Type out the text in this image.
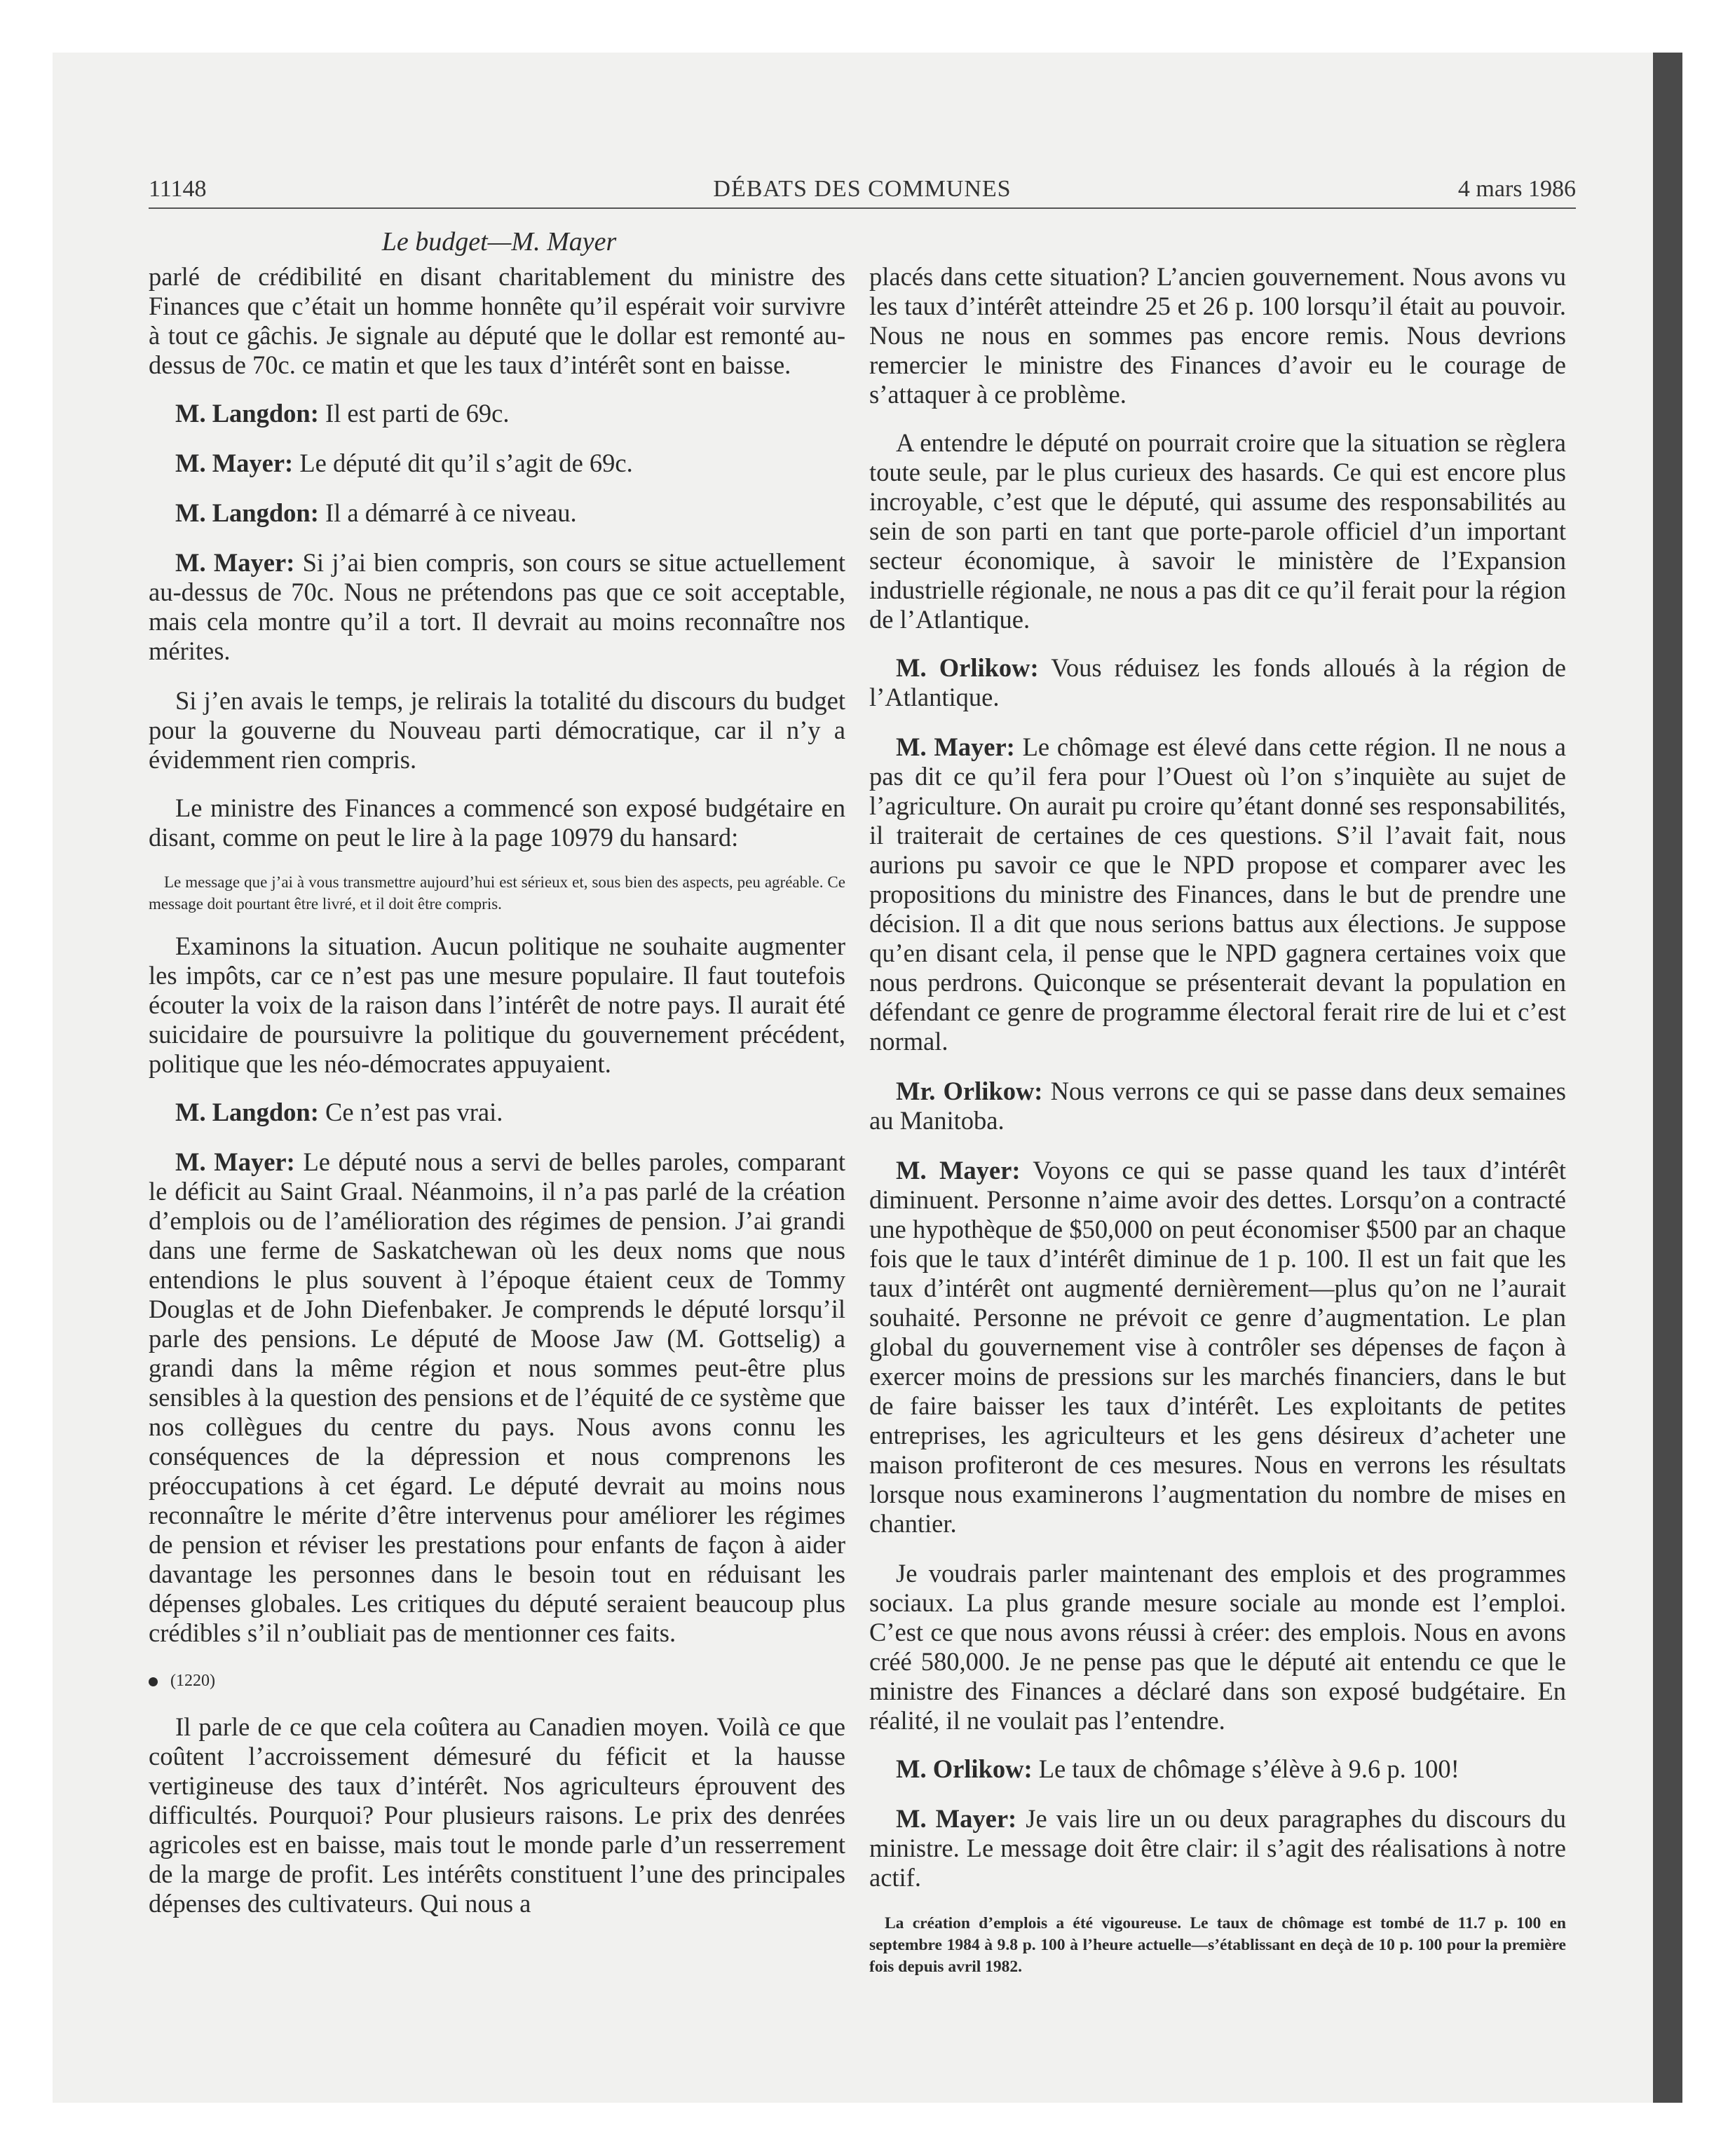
11148	DÉBATS DES COMMUNES	4 mars 1986
Le budget—M. Mayer

parlé de crédibilité en disant charitablement du ministre des Finances que c’était un homme honnête qu’il espérait voir survivre à tout ce gâchis. Je signale au député que le dollar est remonté au-dessus de 70c. ce matin et que les taux d’intérêt sont en baisse.

M. Langdon: Il est parti de 69c.

M. Mayer: Le député dit qu’il s’agit de 69c.

M. Langdon: Il a démarré à ce niveau.

M. Mayer: Si j’ai bien compris, son cours se situe actuellement au-dessus de 70c. Nous ne prétendons pas que ce soit acceptable, mais cela montre qu’il a tort. Il devrait au moins reconnaître nos mérites.

Si j’en avais le temps, je relirais la totalité du discours du budget pour la gouverne du Nouveau parti démocratique, car il n’y a évidemment rien compris.

Le ministre des Finances a commencé son exposé budgétaire en disant, comme on peut le lire à la page 10979 du hansard:

Le message que j’ai à vous transmettre aujourd’hui est sérieux et, sous bien des aspects, peu agréable. Ce message doit pourtant être livré, et il doit être compris.

Examinons la situation. Aucun politique ne souhaite augmenter les impôts, car ce n’est pas une mesure populaire. Il faut toutefois écouter la voix de la raison dans l’intérêt de notre pays. Il aurait été suicidaire de poursuivre la politique du gouvernement précédent, politique que les néo-démocrates appuyaient.

M. Langdon: Ce n’est pas vrai.

M. Mayer: Le député nous a servi de belles paroles, comparant le déficit au Saint Graal. Néanmoins, il n’a pas parlé de la création d’emplois ou de l’amélioration des régimes de pension. J’ai grandi dans une ferme de Saskatchewan où les deux noms que nous entendions le plus souvent à l’époque étaient ceux de Tommy Douglas et de John Diefenbaker. Je comprends le député lorsqu’il parle des pensions. Le député de Moose Jaw (M. Gottselig) a grandi dans la même région et nous sommes peut-être plus sensibles à la question des pensions et de l’équité de ce système que nos collègues du centre du pays. Nous avons connu les conséquences de la dépression et nous comprenons les préoccupations à cet égard. Le député devrait au moins nous reconnaître le mérite d’être intervenus pour améliorer les régimes de pension et réviser les prestations pour enfants de façon à aider davantage les personnes dans le besoin tout en réduisant les dépenses globales. Les critiques du député seraient beaucoup plus crédibles s’il n’oubliait pas de mentionner ces faits.

(1220)

Il parle de ce que cela coûtera au Canadien moyen. Voilà ce que coûtent l’accroissement démesuré du féficit et la hausse vertigineuse des taux d’intérêt. Nos agriculteurs éprouvent des difficultés. Pourquoi? Pour plusieurs raisons. Le prix des denrées agricoles est en baisse, mais tout le monde parle d’un resserrement de la marge de profit. Les intérêts constituent l’une des principales dépenses des cultivateurs. Qui nous a

placés dans cette situation? L’ancien gouvernement. Nous avons vu les taux d’intérêt atteindre 25 et 26 p. 100 lorsqu’il était au pouvoir. Nous ne nous en sommes pas encore remis. Nous devrions remercier le ministre des Finances d’avoir eu le courage de s’attaquer à ce problème.

A entendre le député on pourrait croire que la situation se règlera toute seule, par le plus curieux des hasards. Ce qui est encore plus incroyable, c’est que le député, qui assume des responsabilités au sein de son parti en tant que porte-parole officiel d’un important secteur économique, à savoir le ministère de l’Expansion industrielle régionale, ne nous a pas dit ce qu’il ferait pour la région de l’Atlantique.

M. Orlikow: Vous réduisez les fonds alloués à la région de l’Atlantique.

M. Mayer: Le chômage est élevé dans cette région. Il ne nous a pas dit ce qu’il fera pour l’Ouest où l’on s’inquiète au sujet de l’agriculture. On aurait pu croire qu’étant donné ses responsabilités, il traiterait de certaines de ces questions. S’il l’avait fait, nous aurions pu savoir ce que le NPD propose et comparer avec les propositions du ministre des Finances, dans le but de prendre une décision. Il a dit que nous serions battus aux élections. Je suppose qu’en disant cela, il pense que le NPD gagnera certaines voix que nous perdrons. Quiconque se présenterait devant la population en défendant ce genre de programme électoral ferait rire de lui et c’est normal.

Mr. Orlikow: Nous verrons ce qui se passe dans deux semaines au Manitoba.

M. Mayer: Voyons ce qui se passe quand les taux d’intérêt diminuent. Personne n’aime avoir des dettes. Lorsqu’on a contracté une hypothèque de $50,000 on peut économiser $500 par an chaque fois que le taux d’intérêt diminue de 1 p. 100. Il est un fait que les taux d’intérêt ont augmenté dernièrement—plus qu’on ne l’aurait souhaité. Personne ne prévoit ce genre d’augmentation. Le plan global du gouvernement vise à contrôler ses dépenses de façon à exercer moins de pressions sur les marchés financiers, dans le but de faire baisser les taux d’intérêt. Les exploitants de petites entreprises, les agriculteurs et les gens désireux d’acheter une maison profiteront de ces mesures. Nous en verrons les résultats lorsque nous examinerons l’augmentation du nombre de mises en chantier.

Je voudrais parler maintenant des emplois et des programmes sociaux. La plus grande mesure sociale au monde est l’emploi. C’est ce que nous avons réussi à créer: des emplois. Nous en avons créé 580,000. Je ne pense pas que le député ait entendu ce que le ministre des Finances a déclaré dans son exposé budgétaire. En réalité, il ne voulait pas l’entendre.

M. Orlikow: Le taux de chômage s’élève à 9.6 p. 100!

M. Mayer: Je vais lire un ou deux paragraphes du discours du ministre. Le message doit être clair: il s’agit des réalisations à notre actif.

La création d’emplois a été vigoureuse. Le taux de chômage est tombé de 11.7 p. 100 en septembre 1984 à 9.8 p. 100 à l’heure actuelle—s’établissant en deçà de 10 p. 100 pour la première fois depuis avril 1982.
